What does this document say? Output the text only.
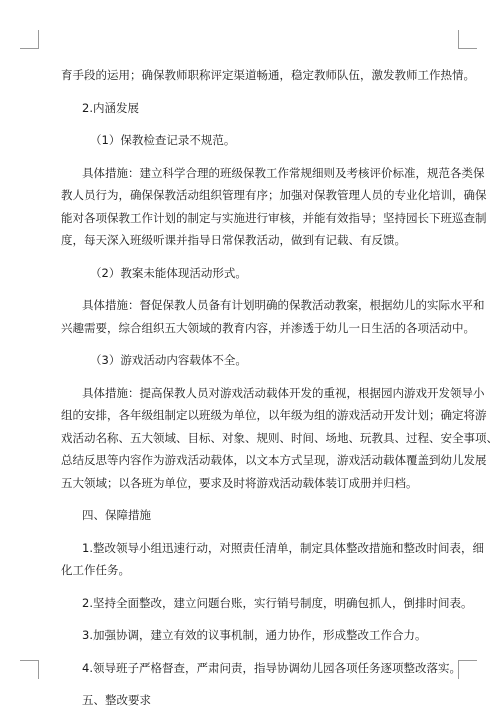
育手段的运用；确保教师职称评定渠道畅通，稳定教师队伍，激发教师工作热情。
2.内涵发展
（1）保教检查记录不规范。
具体措施：建立科学合理的班级保教工作常规细则及考核评价标准，规范各类保
教人员行为，确保保教活动组织管理有序；加强对保教管理人员的专业化培训，确保
能对各项保教工作计划的制定与实施进行审核，并能有效指导；坚持园长下班巡查制
度，每天深入班级听课并指导日常保教活动，做到有记载、有反馈。
（2）教案未能体现活动形式。
具体措施：督促保教人员备有计划明确的保教活动教案，根据幼儿的实际水平和
兴趣需要，综合组织五大领域的教育内容，并渗透于幼儿一日生活的各项活动中。
（3）游戏活动内容载体不全。
具体措施：提高保教人员对游戏活动载体开发的重视，根据园内游戏开发领导小
组的安排，各年级组制定以班级为单位，以年级为组的游戏活动开发计划；确定将游
戏活动名称、五大领域、目标、对象、规则、时间、场地、玩教具、过程、安全事项、
总结反思等内容作为游戏活动载体，以文本方式呈现，游戏活动载体覆盖到幼儿发展
五大领域；以各班为单位，要求及时将游戏活动载体装订成册并归档。
四、保障措施
1.整改领导小组迅速行动，对照责任清单，制定具体整改措施和整改时间表，细
化工作任务。
2.坚持全面整改，建立问题台账，实行销号制度，明确包抓人，倒排时间表。
3.加强协调，建立有效的议事机制，通力协作，形成整改工作合力。
4.领导班子严格督查，严肃问责，指导协调幼儿园各项任务逐项整改落实。
五、整改要求
